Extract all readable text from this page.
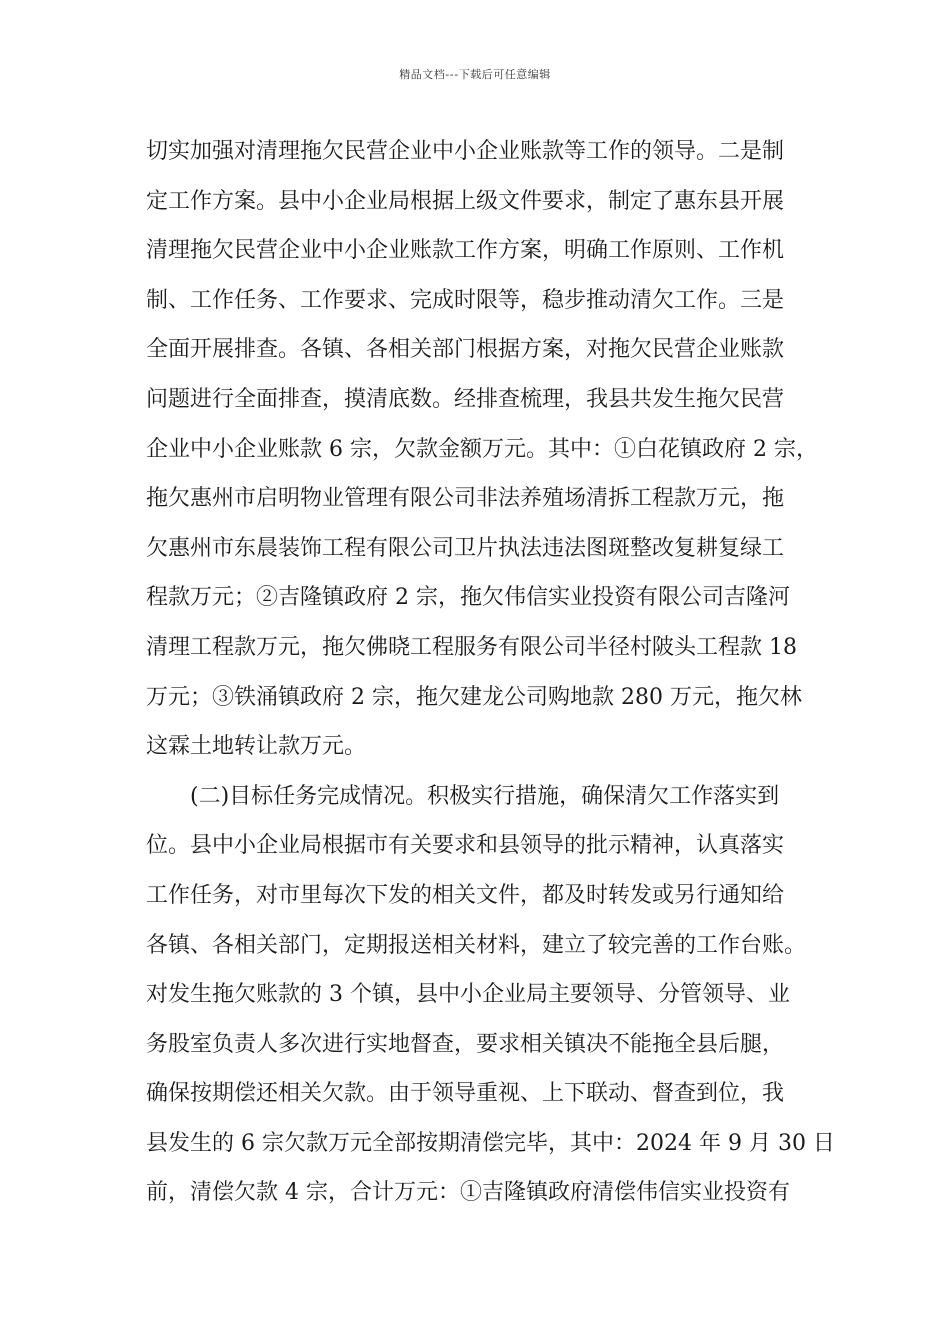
精品文档---下载后可任意编辑
切实加强对清理拖欠民营企业中小企业账款等工作的领导。二是制
定工作方案。县中小企业局根据上级文件要求，制定了惠东县开展
清理拖欠民营企业中小企业账款工作方案，明确工作原则、工作机
制、工作任务、工作要求、完成时限等，稳步推动清欠工作。三是
全面开展排查。各镇、各相关部门根据方案，对拖欠民营企业账款
问题进行全面排查，摸清底数。经排查梳理，我县共发生拖欠民营
企业中小企业账款 6 宗，欠款金额万元。其中：①白花镇政府 2 宗，
拖欠惠州市启明物业管理有限公司非法养殖场清拆工程款万元，拖
欠惠州市东晨装饰工程有限公司卫片执法违法图斑整改复耕复绿工
程款万元；②吉隆镇政府 2 宗，拖欠伟信实业投资有限公司吉隆河
清理工程款万元，拖欠佛晓工程服务有限公司半径村陂头工程款 18
万元；③铁涌镇政府 2 宗，拖欠建龙公司购地款 280 万元，拖欠林
这霖土地转让款万元。
(二)目标任务完成情况。积极实行措施，确保清欠工作落实到
位。县中小企业局根据市有关要求和县领导的批示精神，认真落实
工作任务，对市里每次下发的相关文件，都及时转发或另行通知给
各镇、各相关部门，定期报送相关材料，建立了较完善的工作台账。
对发生拖欠账款的 3 个镇，县中小企业局主要领导、分管领导、业
务股室负责人多次进行实地督查，要求相关镇决不能拖全县后腿，
确保按期偿还相关欠款。由于领导重视、上下联动、督查到位，我
县发生的 6 宗欠款万元全部按期清偿完毕，其中：2024 年 9 月 30 日
前，清偿欠款 4 宗，合计万元：①吉隆镇政府清偿伟信实业投资有
